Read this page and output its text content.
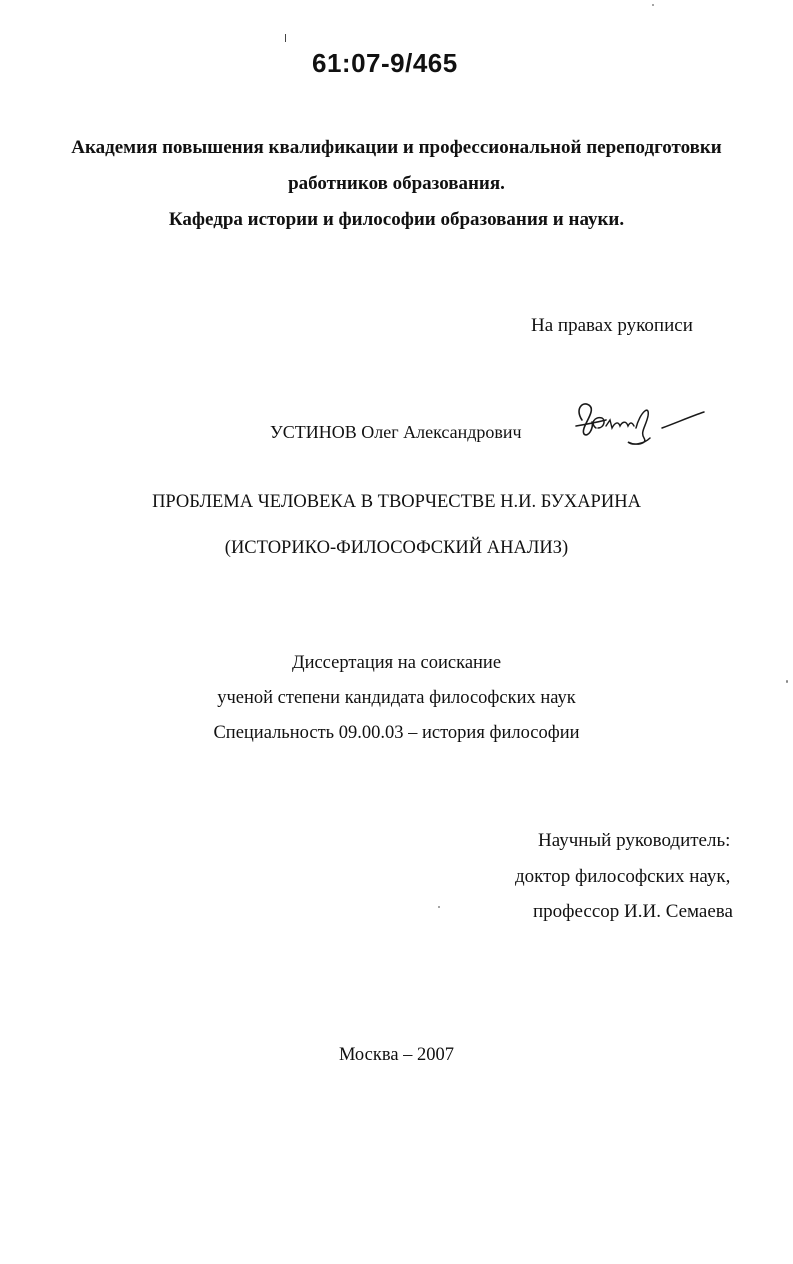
61:07-9/465
Академия повышения квалификации и профессиональной переподготовки
работников образования.
Кафедра истории и философии образования и науки.
На правах рукописи
УСТИНОВ Олег Александрович
ПРОБЛЕМА ЧЕЛОВЕКА В ТВОРЧЕСТВЕ Н.И. БУХАРИНА
(ИСТОРИКО-ФИЛОСОФСКИЙ АНАЛИЗ)
Диссертация на соискание
ученой степени кандидата философских наук
Специальность 09.00.03 – история философии
Научный руководитель:
доктор философских наук,
профессор И.И. Семаева
Москва – 2007
